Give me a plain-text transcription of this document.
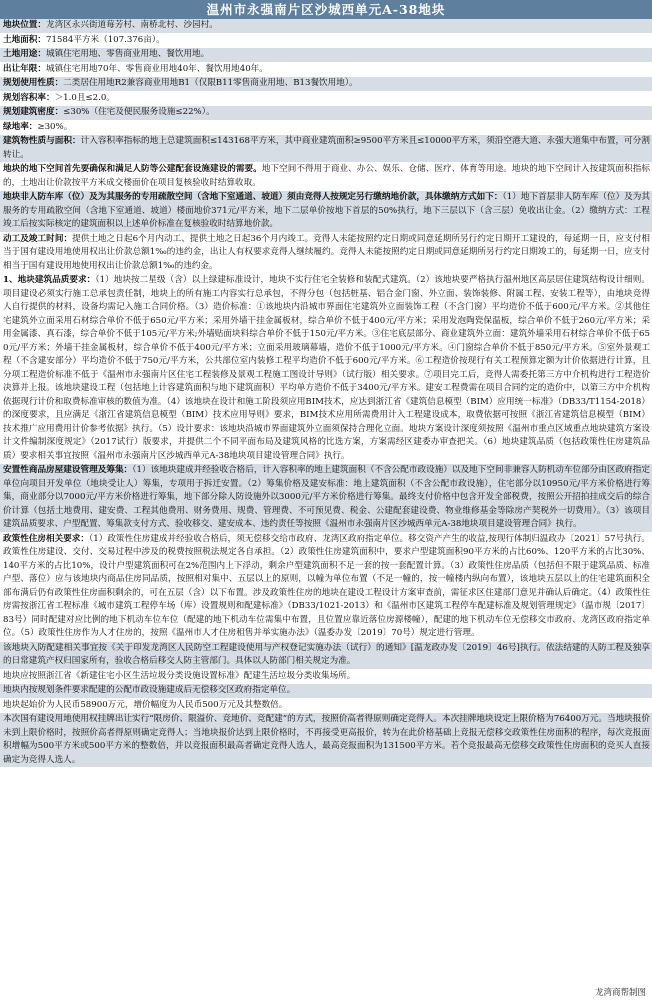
温州市永强南片区沙城西单元A-38地块
地块位置：龙湾区永兴街道莓芳村、南桥北村、沙园村。
土地面积：71584平方米（107.376亩）。
土地用途：城镇住宅用地、零售商业用地、餐饮用地。
出让年限：城镇住宅用地70年、零售商业用地40年、餐饮用地40年。
规划使用性质：二类居住用地R2兼容商业用地B1（仅限B11零售商业用地、B13餐饮用地）。
规划容积率：＞1.0且≤2.0。
规划建筑密度：≤30%（住宅及便民服务设施≤22%）。
绿地率：≥30%。
建筑物性质与面积：计入容积率指标的地上总建筑面积≤143168平方米，其中商业建筑面积≥9500平方米且≤10000平方米，须沿空港大道、永强大道集中布置，可分割转让。
地块的地下空间首先要确保和满足人防等公建配套设施建设的需要。地下空间不得用于商业、办公、娱乐、仓储、医疗、体育等用途。地块的地下空间计入按建筑面积指标的，土地出让价款按平方米成交楼面价在项目复核验收时结算收取。
地块非人防车库（位）及为其服务的专用疏散空间（含地下室通道、坡道）须由竞得人按规定另行缴纳地价款，具体缴纳方式如下：（1）地下首层非人防车库（位）及为其服务的专用疏散空间（含地下室通道、坡道）楼面地价371元/平方米，地下二层单价按地下首层的50%执行，地下三层以下（含三层）免收出让金。（2）缴纳方式：工程竣工后按实际核定的建筑面积以上述单价标准在复核验收时结算地价款。
动工及竣工时间：提供土地之日起6个月内动工、提供土地之日起36个月内竣工。竞得人未能按照约定日期或同意延期所另行约定日期开工建设的，每延期一日，应支付相当于国有建设用地使用权出让价款总额1‰的违约金，出让人有权要求竞得人继续履约。竞得人未能按照约定日期或同意延期所另行约定日期竣工的，每延期一日，应支付相当于国有建设用地使用权出让价款总额1‰的违约金。
1、地块建筑品质要求：（1）地块按二星级（含）以上绿建标准设计，地块不实行住宅全装修和装配式建筑。（2）该地块要严格执行温州地区高层居住建筑结构设计细则。项目建设必须实行施工总承包责任制，地块上的所有施工内容实行总承包，不得分包（包括桩基、铝合金门窗、外立面、装饰装修、附属工程、安装工程等），由地块竞得人自行提供的材料，设备均需记入施工合同价格。（3）造价标准：①该地块内沿城市界面住宅建筑外立面装饰工程（不含门窗）平均造价不低于600元/平方米。②其他住宅建筑外立面采用石材综合单价不低于650元/平方米；采用外墙干挂金属板材，综合单价不低于400元/平方米；采用发泡陶瓷保温板，综合单价不低于260元/平方米；采用金属漆、真石漆，综合单价不低于105元/平方米;外墙贴面块料综合单价不低于150元/平方米。③住宅底层部分、商业建筑外立面：建筑外墙采用石材综合单价不低于650元/平方米；外墙干挂金属板材，综合单价不低于400元/平方米；立面采用玻璃幕墙，造价不低于1000元/平方米。④门窗综合单价不低于850元/平方米。⑤室外景观工程（不含建安部分）平均造价不低于750元/平方米，公共部位室内装修工程平均造价不低于600元/平方米。⑥工程造价按现行有关工程预算定额为计价依据进行计算，且分项工程造价标准不低于《温州市永强南片区住宅工程装修及景观工程施工图设计导则》（试行版）相关要求。⑦项目完工后，竞得人需委托第三方中介机构进行工程造价决算并上报。该地块建设工程（包括地上计容建筑面积与地下建筑面积）平均单方造价不低于3400元/平方米。建安工程费需在项目合同约定的造价中，以第三方中介机构依据现行计价和取费标准审核的数值为准。（4）该地块在设计和施工阶段须应用BIM技术，应达到浙江省《建筑信息模型（BIM）应用统一标准》（DB33/T1154-2018）的深度要求，且应满足《浙江省建筑信息模型（BIM）技术应用导则》要求，BIM技术应用所需费用计入工程建设成本，取费依据可按照《浙江省建筑信息模型（BIM）技术推广应用费用计价参考依据》执行。（5）设计要求：该地块沿城市界面建筑外立面须保持合理化立面。地块方案设计深度须按照《温州市重点区域重点地块建筑方案设计文件编制深度规定》（2017试行）版要求，并提供二个不同平面布局及建筑风格的比选方案，方案需经区建委办审查把关。（6）地块建筑品质（包括政策性住房建筑品质）要求相关事宜按照《温州市永强南片区沙城西单元A-38地块项目建设管理合同》执行。
安置性商品房屋建设管理及筹集：（1）该地块建成并经验收合格后，计入容积率的地上建筑面积（不含公配市政设施）以及地下空间非兼容人防机动车位部分由区政府指定单位向项目开发单位（地块受让人）筹集，专项用于拆迁安置。（2）筹集价格及建安标准：地上建筑面积（不含公配市政设施），住宅部分以10950元/平方米价格进行筹集，商业部分以7000元/平方米价格进行筹集，地下部分除人防设施外以3000元/平方米价格进行筹集。最终支付价格中包含开发全部税费，按照公开招拍挂成交后的综合价计算（包括土地费用、建安费、工程其他费用、财务费用、规费、管理费、不可预见费、税金、公建配套建设费、物业维修基金等除房产契税外一切费用）。（3）该项目建筑品质要求、户型配置、筹集款支付方式、验收移交、建安成本、违约责任等按照《温州市永强南片区沙城西单元A-38地块项目建设管理合同》执行。
政策性住房相关要求：（1）政策性住房建成并经验收合格后，须无偿移交给市政府、龙湾区政府指定单位。移交资产产生的收益,按现行体制归温政办〔2021〕57号执行。政策性住房建设、交付、交易过程中涉及的税费按照税法规定各自承担。（2）政策性住房建筑面积中，要求户型建筑面积90平方米的占比60%、120平方米的占比30%、140平方米的占比10%，设计户型建筑面积可在2%范围内上下浮动，剩余户型建筑面积不足一套的按一套配置计算。（3）政策性住房品质（包括但不限于建筑品质、标准户型、落位）应与该地块内商品住房同品质，按照相对集中、五层以上的原则，以幢为单位布置（不足一幢的，按一幢楼内纵向布置），该地块五层以上的住宅建筑面积全部布满后仍有政策性住房面积剩余的，可在五层（含）以下布置。涉及政策性住房的地块在建设工程设计方案审查前，需征求区住建部门意见并确认后确定。（4）政策性住房需按浙江省工程标准《城市建筑工程停车场（库）设置规则和配建标准》（DB33/1021-2013）和《温州市区建筑工程停车配建标准及规划管理规定》（温市规〔2017〕83号）同时配建对应比例的地下机动车位车位（配建的地下机动车位需集中布置，且位置应靠近落位房源楼幢），配建的地下机动车位无偿移交市政府、龙湾区政府指定单位。（5）政策性住房作为人才住房的，按照《温州市人才住房租售并举实施办法》（温委办发〔2019〕70号）规定进行管理。
该地块入防配建相关事宜按《关于印发龙湾区人民防空工程建设使用与产权登记实施办法（试行）的通知》[温龙政办发〔2019〕46号]执行。依法结建的人防工程及独享的日常建筑产权归国家所有，验收合格后移交人防主管部门。具体以人防部门相关规定为准。
地块应按照浙江省《新建住宅小区生活垃圾分类设施设置标准》配建生活垃圾分类收集场所。
地块内按规划条件要求配建的公配市政设施建成后无偿移交区政府指定单位。
地块起始价为人民币58900万元，增价幅度为人民币500万元及其整数倍。
本次国有建设用地使用权挂牌出让实行“限房价、限溢价、竞地价、竞配建”的方式，按照价高者得原则确定竞得人。本次挂牌地块设定上限价格为76400万元。当地块报价未到上限价格时，按照价高者得原则确定竞得人；当地块报价达到上限价格时，不再接受更高报价，转为在此价格基础上竞报无偿移交政策性住房面积的程序，每次竞报面积增幅为500平方米或500平方米的整数倍，并以竞报面积最高者确定竞得人选人，最高竞报面积为131500平方米。若个竞报最高无偿移交政策性住房面积的竞买人直接确定为竞得人选人。
龙湾商帮制图
